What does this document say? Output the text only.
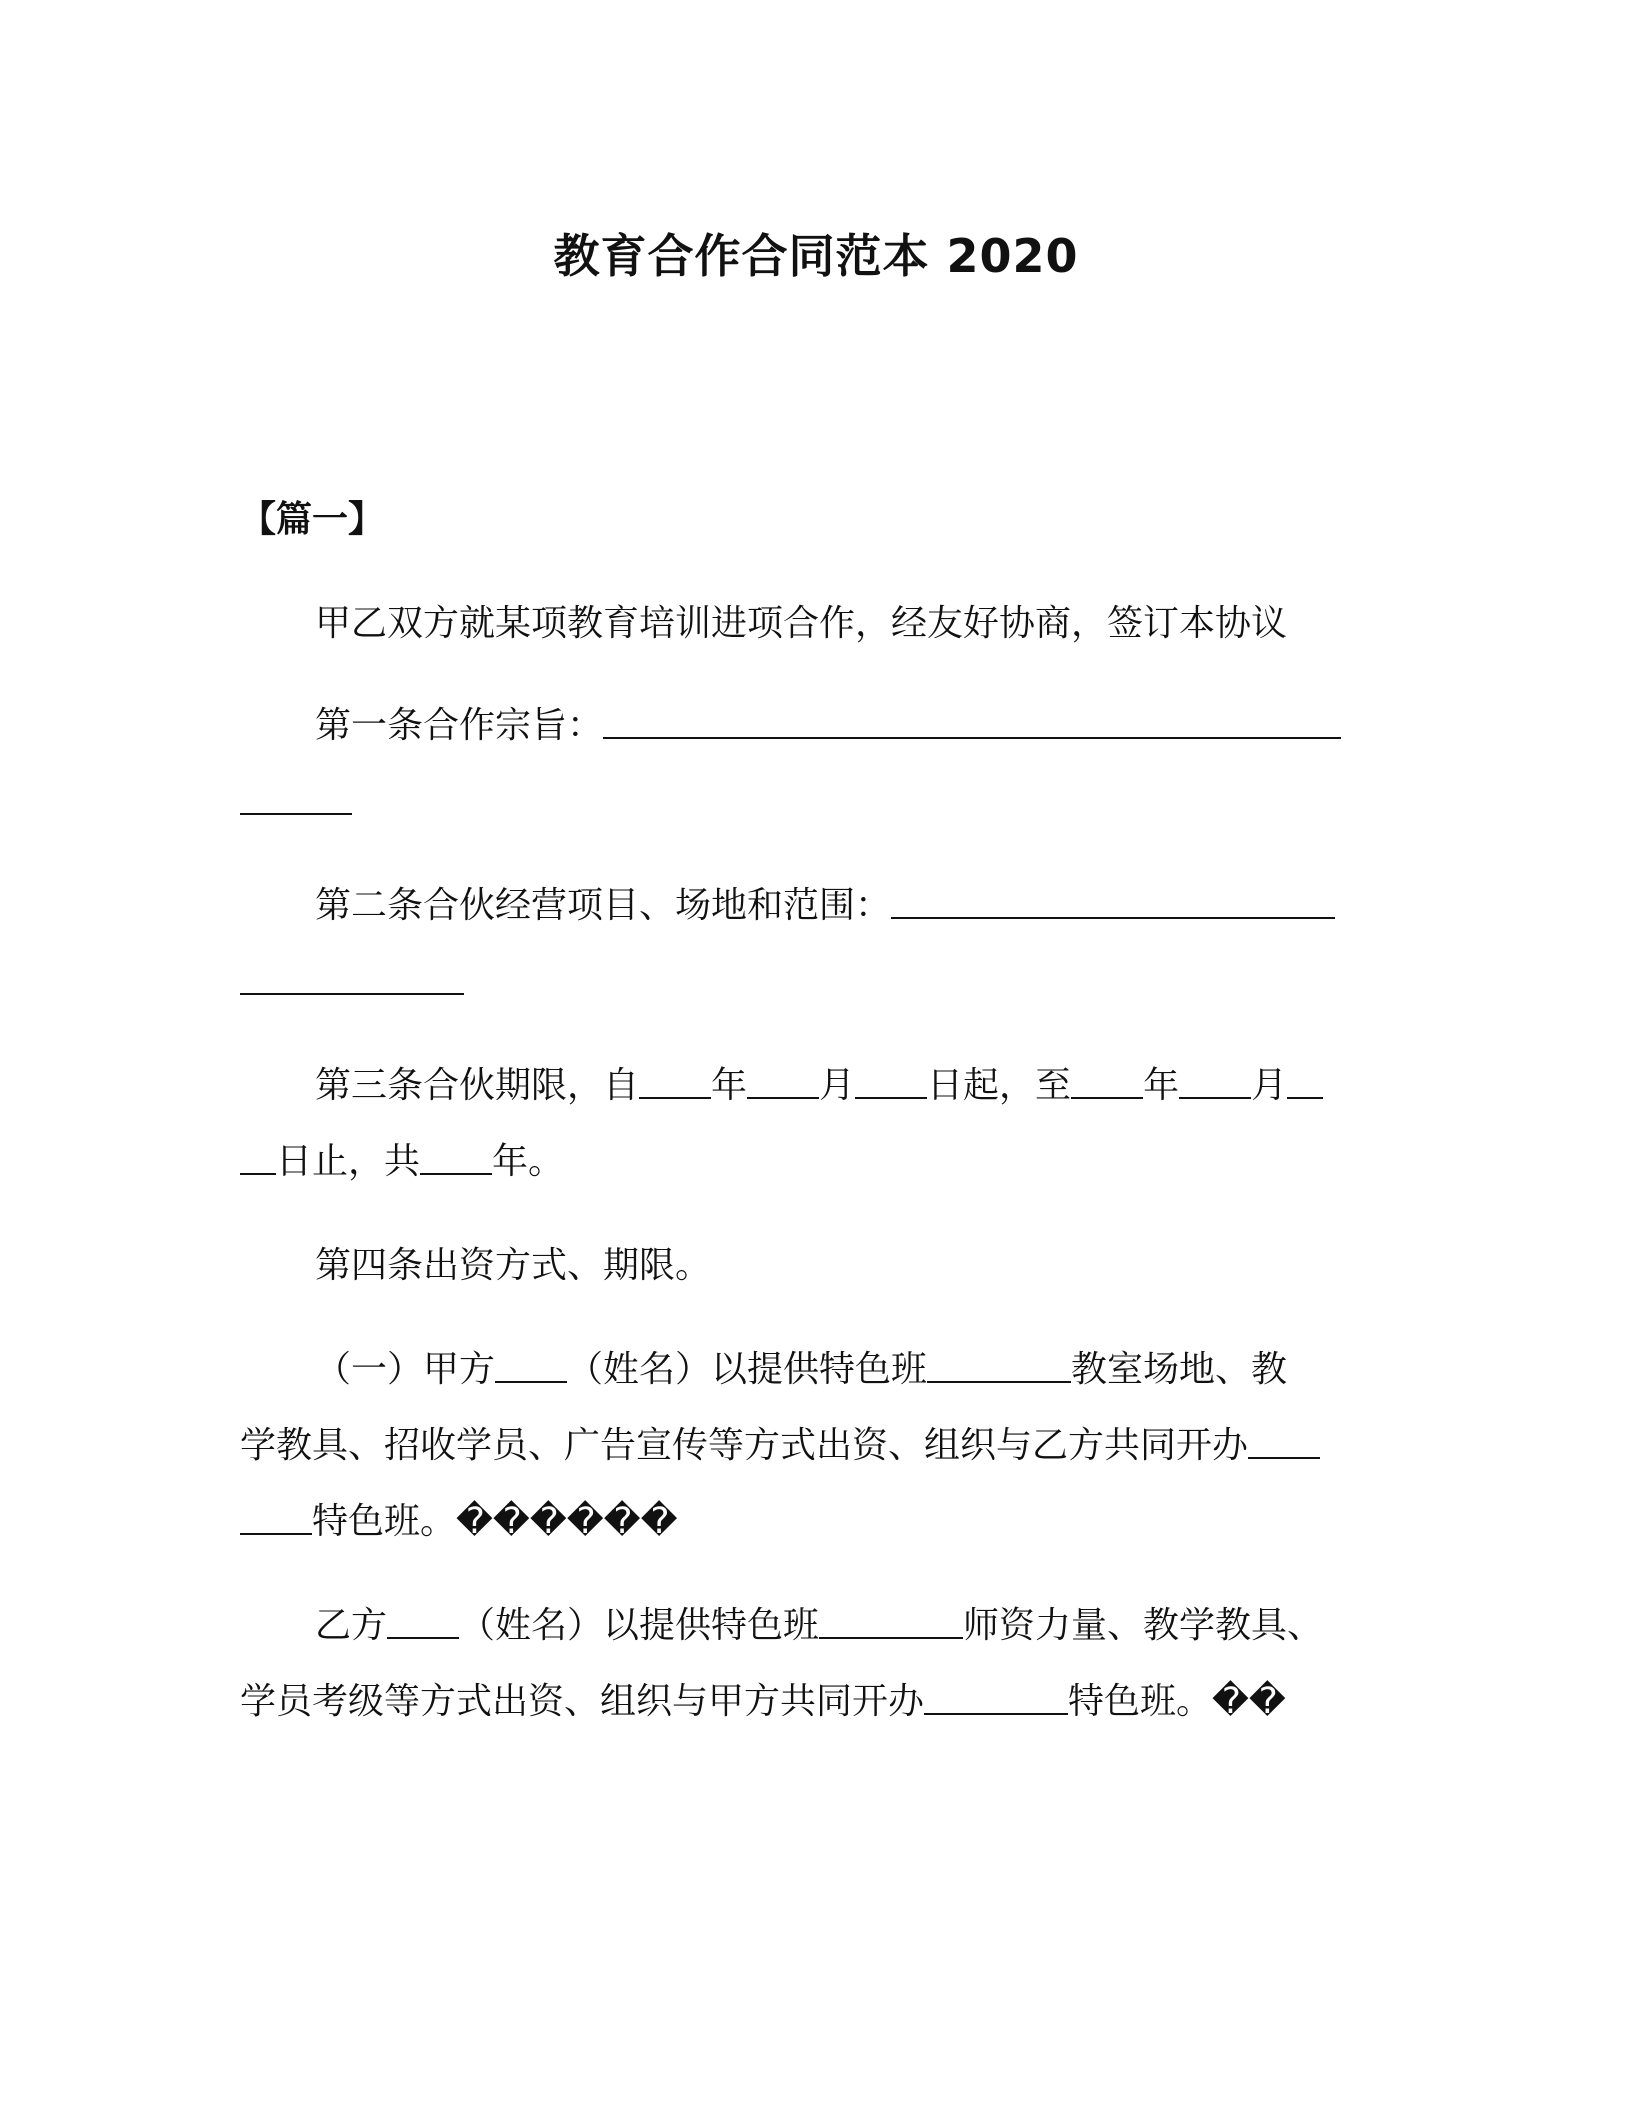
教育合作合同范本 2020
【篇一】
甲乙双方就某项教育培训进项合作，经友好协商，签订本协议
第一条合作宗旨：
第二条合伙经营项目、场地和范围：
第三条合伙期限，自 年 月 日起，至 年 月
日止，共 年。
第四条出资方式、期限。
（一）甲方 （姓名）以提供特色班	教室场地、教
学教具、招收学员、广告宣传等方式出资、组织与乙方共同开办
特色班。������
乙方 （姓名）以提供特色班	师资力量、教学教具、
学员考级等方式出资、组织与甲方共同开办	特色班。��
